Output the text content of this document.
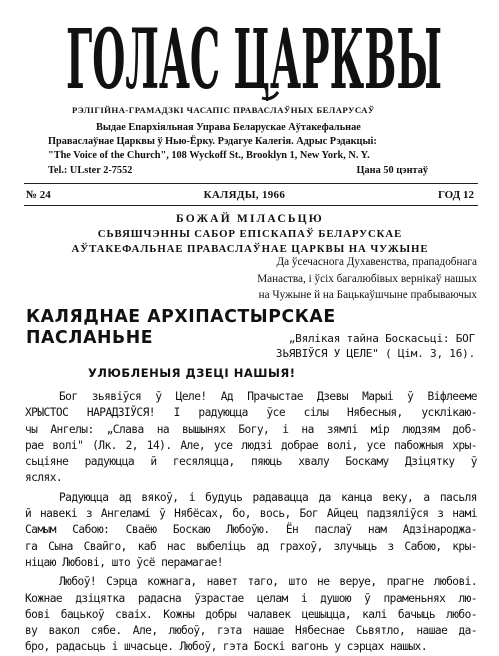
ГОЛАС ЦАРКВЫ
РЭЛІГІЙНА-ГРАМАДЗКІ ЧАСАПІС ПРАВАСЛАЎНЫХ БЕЛАРУСАЎ
Выдае Епархіяльная Управа Беларускае Аўтакефальнае
Праваслаўнае Царквы ў Нью-Ёрку. Рэдагуе Калегія. Адрыс Рэдакцыі:
"The Voice of the Church", 108 Wyckoff St., Brooklyn 1, New York, N. Y.
Tel.: ULster 2-7552	Цана 50 цэнтаў
№ 24	КАЛЯДЫ, 1966	ГОД 12
БОЖАЙ МІЛАСЬЦЮ
СЬВЯШЧЭННЫ САБОР ЕПІСКАПАЎ БЕЛАРУСКАЕ
АЎТАКЕФАЛЬНАЕ ПРАВАСЛАЎНАЕ ЦАРКВЫ НА ЧУЖЫНЕ
Да ўсечаснога Духавенства, прападобнага
Манаства, і ўсіх багалюбівых вернікаў нашых
на Чужыне й на Бацькаўшчыне прабываючых
КАЛЯДНАЕ АРХІПАСТЫРСКАЕ ПАСЛАНЬНЕ	„Вялікая тайна Боскасьці: БОГ
ЗЬЯВІЎСЯ У ЦЕЛЕ" ( Цім. 3, 16).
УЛЮБЛЕНЫЯ ДЗЕЦІ НАШЫЯ!
Бог зьявіўся ў Целе! Ад Прачыстае Дзевы Марыі ў Віфлееме
ХРЫСТОС НАРАДЗІЎСЯ! І радуюцца ўсе сілы Нябесныя, усклікаю-
чы Ангелы: „Слава на вышынях Богу, і на зямлі мір людзям доб-
рае волі" (Лк. 2, 14). Але, усе людзі добрае волі, усе пабожныя хры-
сьціяне радуюцца й гесяляцца, пяюць хвалу Боскаму Дзіцятку ў
яслях.
Радуюцца ад вякоў, і будуць радавацца да канца веку, а пасьля
й навекі з Ангеламі ў Нябёсах, бо, вось, Бог Айцец падзяліўся з намі
Самым Сабою: Сваёю Боскаю Любоўю. Ён паслаў нам Адзінароджа-
га Сына Свайго, каб нас выбеліць ад грахоў, злучыць з Сабою, кры-
ніцаю Любові, што ўсё перамагае!
Любоў! Сэрца кожнага, навет таго, што не веруе, прагне любові.
Кожнае дзіцятка радасна ўзрастае целам і душою ў праменьнях лю-
бові бацькоў сваіх. Кожны добры чалавек цешыцца, калі бачыць любо-
ву вакол сябе. Але, любоў, гэта нашае Нябеснае Сьвятло, нашае да-
бро, радасьць і шчасьце. Любоў, гэта Боскі вагонь у сэрцах нашых.
